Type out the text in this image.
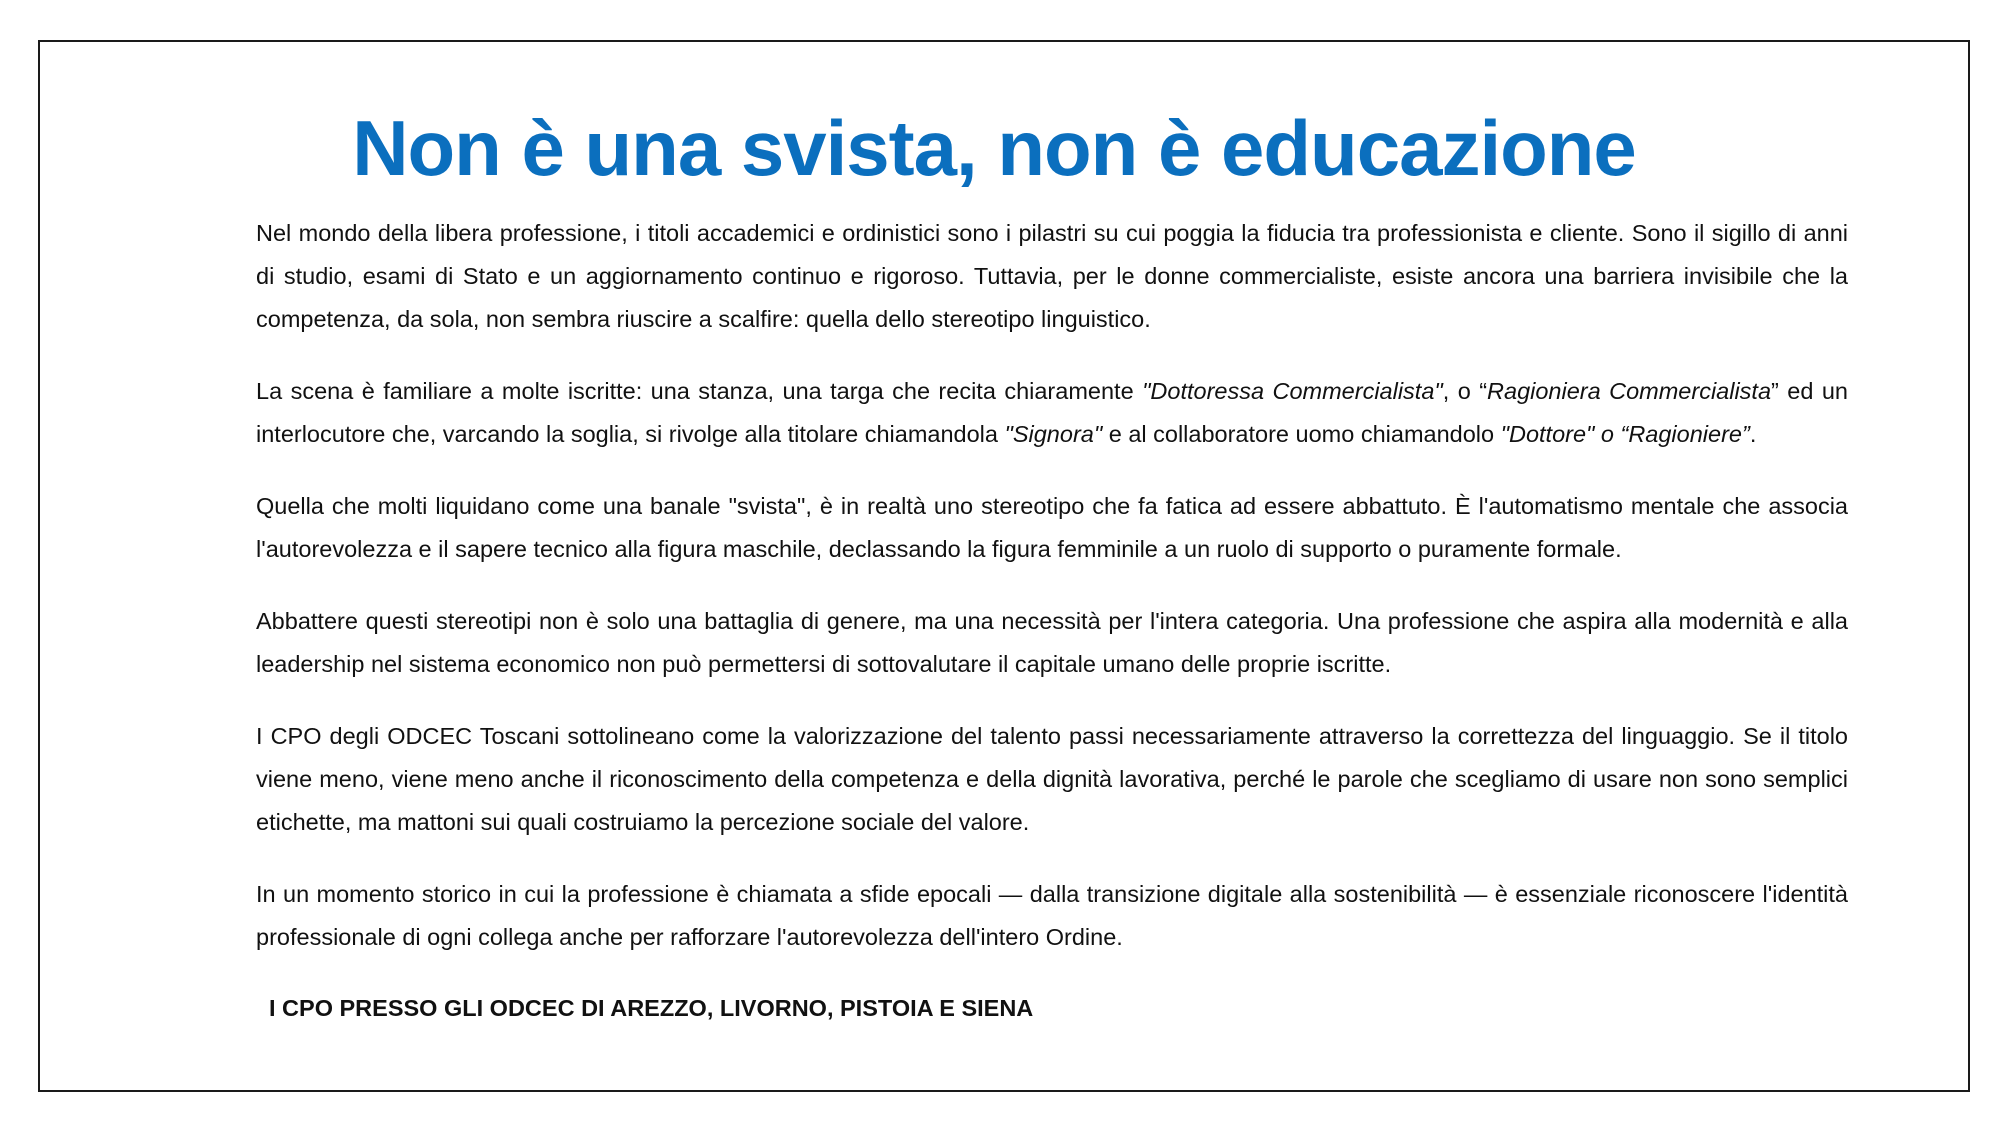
Non è una svista, non è educazione

Nel mondo della libera professione, i titoli accademici e ordinistici sono i pilastri su cui poggia la fiducia tra professionista e cliente. Sono il sigillo di anni di studio, esami di Stato e un aggiornamento continuo e rigoroso. Tuttavia, per le donne commercialiste, esiste ancora una barriera invisibile che la competenza, da sola, non sembra riuscire a scalfire: quella dello stereotipo linguistico.

La scena è familiare a molte iscritte: una stanza, una targa che recita chiaramente "Dottoressa Commercialista", o “Ragioniera Commercialista” ed un interlocutore che, varcando la soglia, si rivolge alla titolare chiamandola "Signora" e al collaboratore uomo chiamandolo "Dottore" o “Ragioniere”.

Quella che molti liquidano come una banale "svista", è in realtà uno stereotipo che fa fatica ad essere abbattuto. È l'automatismo mentale che associa l'autorevolezza e il sapere tecnico alla figura maschile, declassando la figura femminile a un ruolo di supporto o puramente formale.

Abbattere questi stereotipi non è solo una battaglia di genere, ma una necessità per l'intera categoria. Una professione che aspira alla modernità e alla leadership nel sistema economico non può permettersi di sottovalutare il capitale umano delle proprie iscritte.

I CPO degli ODCEC Toscani sottolineano come la valorizzazione del talento passi necessariamente attraverso la correttezza del linguaggio. Se il titolo viene meno, viene meno anche il riconoscimento della competenza e della dignità lavorativa, perché le parole che scegliamo di usare non sono semplici etichette, ma mattoni sui quali costruiamo la percezione sociale del valore.

In un momento storico in cui la professione è chiamata a sfide epocali — dalla transizione digitale alla sostenibilità — è essenziale riconoscere l'identità professionale di ogni collega anche per rafforzare l'autorevolezza dell'intero Ordine.

I CPO PRESSO GLI ODCEC DI AREZZO, LIVORNO, PISTOIA E SIENA
